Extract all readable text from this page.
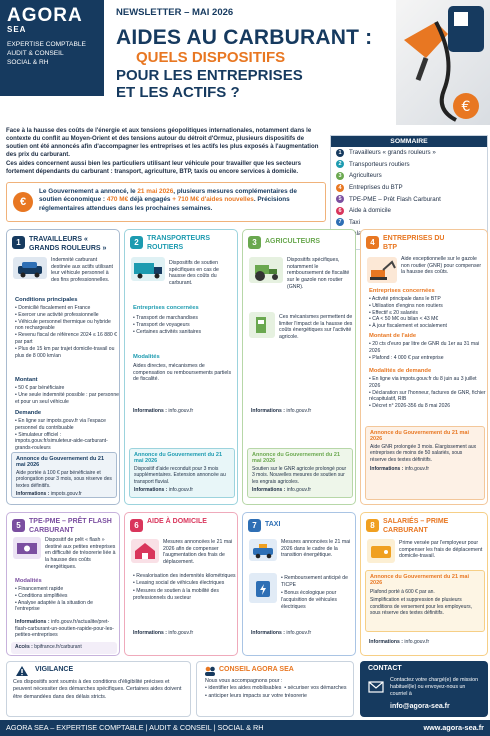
AGORA
SEA
EXPERTISE COMPTABLE
AUDIT & CONSEIL
SOCIAL & RH
NEWSLETTER – MAI 2026
AIDES AU CARBURANT :
QUELS DISPOSITIFS
POUR LES ENTREPRISES
ET LES ACTIFS ?
€
Face à la hausse des coûts de l'énergie et aux tensions géopolitiques internationales, notamment dans le contexte du conflit au Moyen-Orient et des tensions autour du détroit d'Ormuz, plusieurs dispositifs de soutien ont été annoncés afin d'accompagner les entreprises et les actifs les plus exposés à l'augmentation des prix du carburant.
Ces aides concernent aussi bien les particuliers utilisant leur véhicule pour travailler que les secteurs fortement dépendants du carburant : transport, agriculture, BTP, taxis ou encore services à domicile.
SOMMAIRE
1	Travailleurs « grands rouleurs »
2	Transporteurs routiers
3	Agriculteurs
4	Entreprises du BTP
5	TPE-PME – Prêt Flash Carburant
6	Aide à domicile
7	Taxi
€
Le Gouvernement a annoncé, le 21 mai 2026, plusieurs mesures complémentaires de soutien économique : 470 M€ déjà engagés + 710 M€ d'aides nouvelles. Précisions réglementaires attendues dans les prochaines semaines.
1	TRAVAILLEURS « GRANDS ROULEURS »
Indemnité carburant destinée aux actifs utilisant leur véhicule personnel à des fins professionnelles.
Conditions principales
• Domicilié fiscalement en France
• Exercer une activité professionnelle
• Véhicule personnel thermique ou hybride non rechargeable
• Revenu fiscal de référence 2024 ≤ 16 880 € par part
• Plus de 15 km par trajet domicile-travail ou plus de 8 000 km/an
Montant
• 50 € par bénéficiaire
• Une seule indemnité possible : par personne et pour un seul véhicule
Demande
• En ligne sur impots.gouv.fr via l'espace personnel du contribuable
• Simulateur officiel : impots.gouv.fr/simuleteur-aide-carburant-grands-rouleurs
Annonce du Gouvernement du 21 mai 2026
Aide portée à 100 € par bénéficiaire et prolongation pour 3 mois, sous réserve des textes définitifs.
Informations : impots.gouv.fr
2	TRANSPORTEURS ROUTIERS
Dispositifs de soutien spécifiques en cas de hausse des coûts du carburant.
Entreprises concernées
• Transport de marchandises
• Transport de voyageurs
• Certaines activités sanitaires
Modalités
Aides directes, mécanismes de compensation ou remboursements partiels de fiscalité.
Informations : info.gouv.fr
Annonce du Gouvernement du 21 mai 2026
Dispositif d'aide reconduit pour 3 mois supplémentaires. Extension annoncée au transport fluvial.
Informations : info.gouv.fr
3	AGRICULTEURS
Dispositifs spécifiques, notamment le remboursement de fiscalité sur le gazole non routier (GNR).
Ces mécanismes permettent de limiter l'impact de la hausse des coûts énergétiques sur l'activité agricole.
Informations : info.gouv.fr
Annonce du Gouvernement du 21 mai 2026
Soutien sur le GNR agricole prolongé pour 3 mois. Nouvelles mesures de soutien sur les engrais agricoles.
Informations : info.gouv.fr
4	ENTREPRISES DU BTP
Aide exceptionnelle sur le gazole non routier (GNR) pour compenser la hausse des coûts.
Entreprises concernées
• Activité principale dans le BTP
• Utilisation d'engins non routiers
• Effectif ≤ 20 salariés
• CA < 50 M€ ou bilan < 43 M€
• À jour fiscalement et socialement
Montant de l'aide
• 20 cts d'euro par litre de GNR du 1er au 31 mai 2026
• Plafond : 4 000 € par entreprise
Modalités de demande
• En ligne via impots.gouv.fr du 8 juin au 3 juillet 2026
• Déclaration sur l'honneur, factures de GNR, fichier récapitulatif, RIB
• Décret n° 2026-356 du 8 mai 2026
Annonce du Gouvernement du 21 mai 2026
Aide GNR prolongée 3 mois. Élargissement aux entreprises de moins de 50 salariés, sous réserve des textes définitifs.
Informations : info.gouv.fr
5	TPE-PME – PRÊT FLASH CARBURANT
Dispositif de prêt « flash » destiné aux petites entreprises en difficulté de trésorerie liée à la hausse des coûts énergétiques.
Modalités
• Financement rapide
• Conditions simplifiées
• Analyse adaptée à la situation de l'entreprise
Informations : info.gouv.fr/actualite/pret-flash-carburant-un-soutien-rapide-pour-les-petites-entreprises
Accès : bpifrance.fr/carburant
6	AIDE À DOMICILE
Mesures annoncées le 21 mai 2026 afin de compenser l'augmentation des frais de déplacement.
• Revalorisation des indemnités kilométriques
• Leasing social de véhicules électriques
• Mesures de soutien à la mobilité des professionnels du secteur
Informations : info.gouv.fr
7	TAXI
Mesures annoncées le 21 mai 2026 dans le cadre de la transition énergétique.
• Remboursement anticipé de TICPE
• Bonus écologique pour l'acquisition de véhicules électriques
Informations : info.gouv.fr
8	SALARIÉS – PRIME CARBURANT
Prime versée par l'employeur pour compenser les frais de déplacement domicile-travail.
Annonce du Gouvernement du 21 mai 2026
Plafond porté à 600 € par an.
Simplification et suppression de plusieurs conditions de versement pour les employeurs, sous réserve des textes définitifs.
Informations : info.gouv.fr
VIGILANCE
Ces dispositifs sont soumis à des conditions d'éligibilité précises et peuvent nécessiter des démarches spécifiques. Certaines aides doivent être demandées dans des délais stricts.
CONSEIL AGORA SEA
Nous vous accompagnons pour :
• identifier les aides mobilisables  • sécuriser vos démarches
• anticiper leurs impacts sur votre trésorerie
CONTACT
Contactez votre chargé(e) de mission habituel(le) ou envoyez-nous un courriel à
info@agora-sea.fr
AGORA SEA – EXPERTISE COMPTABLE | AUDIT & CONSEIL | SOCIAL & RH	www.agora-sea.fr
